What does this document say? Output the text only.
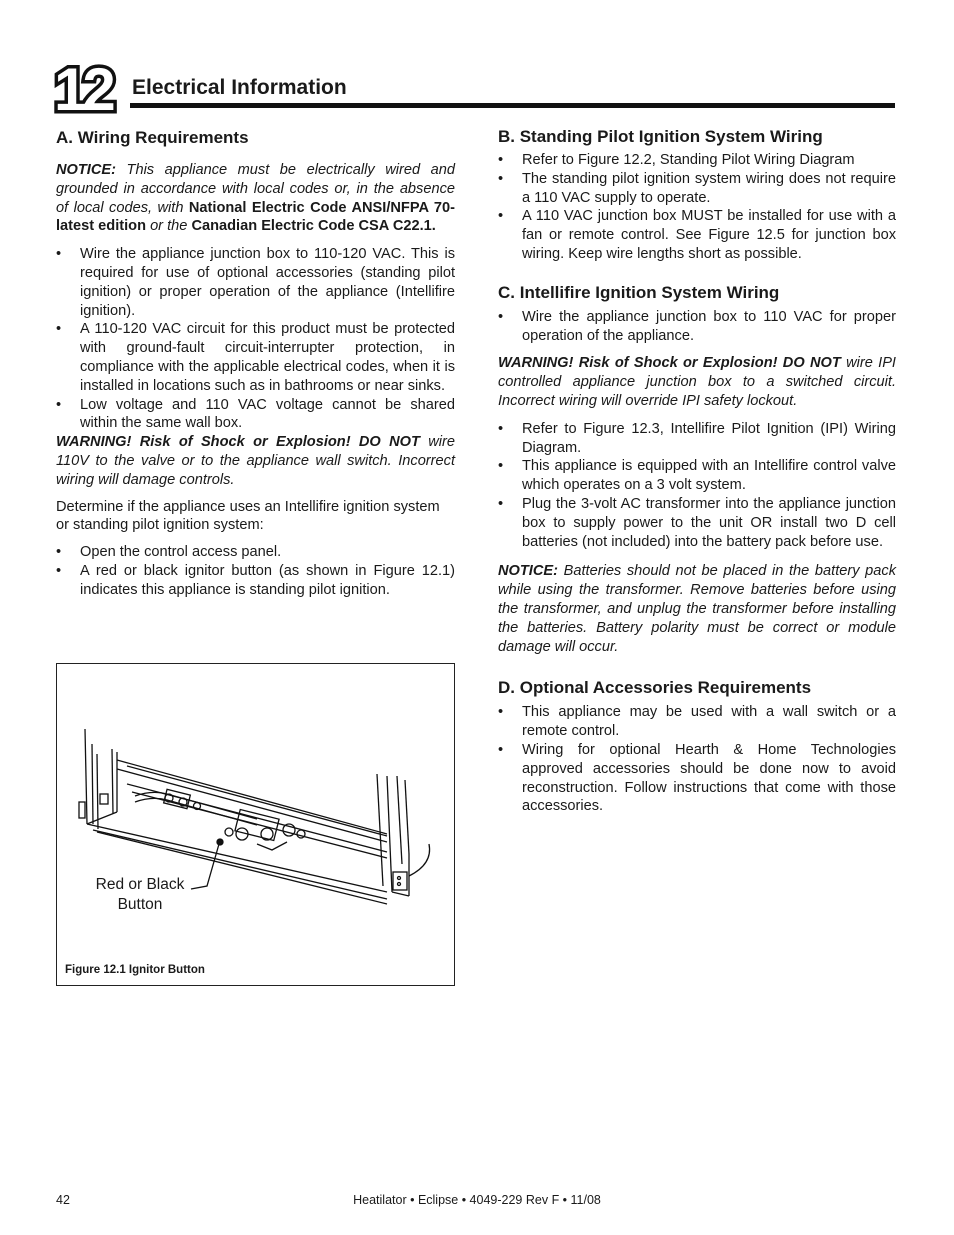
12 Electrical Information
A. Wiring Requirements

NOTICE: This appliance must be electrically wired and grounded in accordance with local codes or, in the absence of local codes, with National Electric Code ANSI/NFPA 70-latest edition or the Canadian Electric Code CSA C22.1.

• Wire the appliance junction box to 110-120 VAC. This is required for use of optional accessories (standing pilot ignition) or proper operation of the appliance (Intellifire ignition).
• A 110-120 VAC circuit for this product must be protected with ground-fault circuit-interrupter protection, in compliance with the applicable electrical codes, when it is installed in locations such as in bathrooms or near sinks.
• Low voltage and 110 VAC voltage cannot be shared within the same wall box.

WARNING! Risk of Shock or Explosion! DO NOT wire 110V to the valve or to the appliance wall switch. Incorrect wiring will damage controls.

Determine if the appliance uses an Intellifire ignition system or standing pilot ignition system:

• Open the control access panel.
• A red or black ignitor button (as shown in Figure 12.1) indicates this appliance is standing pilot ignition.
Red or Black
Button
Figure 12.1 Ignitor Button
B. Standing Pilot Ignition System Wiring
• Refer to Figure 12.2, Standing Pilot Wiring Diagram
• The standing pilot ignition system wiring does not require a 110 VAC supply to operate.
• A 110 VAC junction box MUST be installed for use with a fan or remote control. See Figure 12.5 for junction box wiring. Keep wire lengths short as possible.
C. Intellifire Ignition System Wiring
• Wire the appliance junction box to 110 VAC for proper operation of the appliance.

WARNING! Risk of Shock or Explosion! DO NOT wire IPI controlled appliance junction box to a switched circuit. Incorrect wiring will override IPI safety lockout.

• Refer to Figure 12.3, Intellifire Pilot Ignition (IPI) Wiring Diagram.
• This appliance is equipped with an Intellifire control valve which operates on a 3 volt system.
• Plug the 3-volt AC transformer into the appliance junction box to supply power to the unit OR install two D cell batteries (not included) into the battery pack before use.

NOTICE: Batteries should not be placed in the battery pack while using the transformer. Remove batteries before using the transformer, and unplug the transformer before installing the batteries. Battery polarity must be correct or module damage will occur.

D. Optional Accessories Requirements
• This appliance may be used with a wall switch or a remote control.
• Wiring for optional Hearth & Home Technologies approved accessories should be done now to avoid reconstruction. Follow instructions that come with those accessories.
42	Heatilator • Eclipse • 4049-229 Rev F • 11/08
